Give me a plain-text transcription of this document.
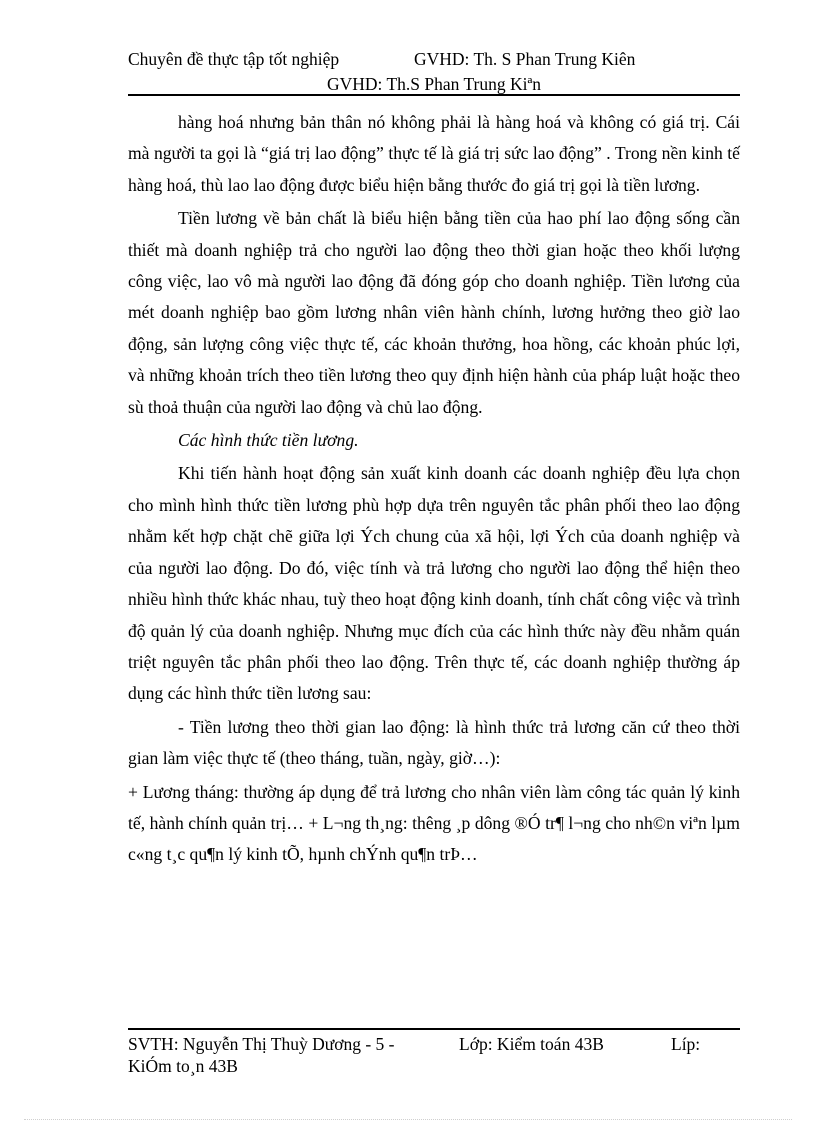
Chuyên đề thực tập tốt nghiệp	GVHD: Th. S Phan Trung Kiên
GVHD: Th.S Phan Trung Kiªn

hàng hoá nhưng bản thân nó không phải là hàng hoá và không có giá trị. Cái mà người ta gọi là “giá trị lao động” thực tế là giá trị sức lao động” . Trong nền kinh tế hàng hoá, thù lao lao động được biểu hiện bằng thước đo giá trị gọi là tiền lương.

Tiền lương về bản chất là biểu hiện bằng tiền của hao phí lao động sống cần thiết mà doanh nghiệp trả cho người lao động theo thời gian hoặc theo khối lượng công việc, lao vô mà người lao động đã đóng góp cho doanh nghiệp. Tiền lương của mét doanh nghiệp bao gồm lương nhân viên hành chính, lương hưởng theo giờ lao động, sản lượng công việc thực tế, các khoản thưởng, hoa hồng, các khoản phúc lợi, và những khoản trích theo tiền lương theo quy định hiện hành của pháp luật hoặc theo sù thoả thuận của người lao động và chủ lao động.

Các hình thức tiền lương.

Khi tiến hành hoạt động sản xuất kinh doanh các doanh nghiệp đều lựa chọn cho mình hình thức tiền lương phù hợp dựa trên nguyên tắc phân phối theo lao động nhằm kết hợp chặt chẽ giữa lợi Ých chung của xã hội, lợi Ých của doanh nghiệp và của người lao động. Do đó, việc tính và trả lương cho người lao động thể hiện theo nhiều hình thức khác nhau, tuỳ theo hoạt động kinh doanh, tính chất công việc và trình độ quản lý của doanh nghiệp. Nhưng mục đích của các hình thức này đều nhằm quán triệt nguyên tắc phân phối theo lao động. Trên thực tế, các doanh nghiệp thường áp dụng các hình thức tiền lương sau:

- Tiền lương theo thời gian lao động: là hình thức trả lương căn cứ theo thời gian làm việc thực tế (theo tháng, tuần, ngày, giờ…):

+ Lương tháng: thường áp dụng để trả lương cho nhân viên làm công tác quản lý kinh tế, hành chính quản trị… + L¬ng th¸ng: thêng ¸p dông ®Ó tr¶ l¬ng cho nh©n viªn lµm c«ng t¸c qu¶n lý kinh tÕ, hµnh chÝnh qu¶n trÞ…

SVTH: Nguyễn Thị Thuỳ Dương - 5 -	Lớp: Kiểm toán 43B	Líp:
KiÓm to¸n 43B
